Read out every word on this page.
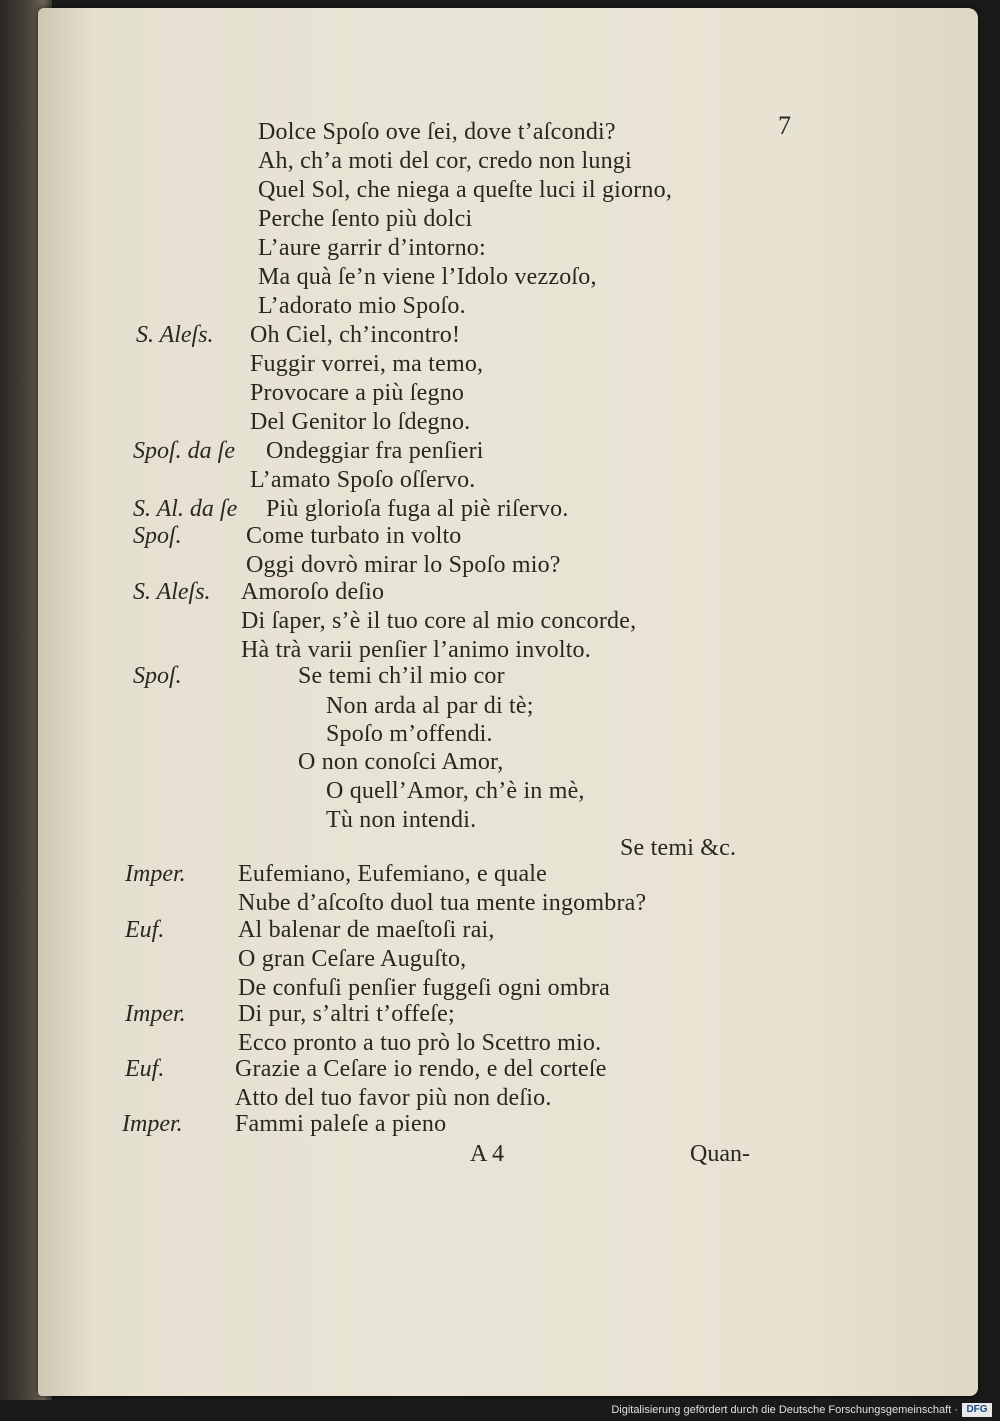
7
Dolce Spoſo ove ſei, dove t’aſcondi?
Ah, ch’a moti del cor, credo non lungi
Quel Sol, che niega a queſte luci il giorno,
Perche ſento più dolci
L’aure garrir d’intorno:
Ma quà ſe’n viene l’Idolo vezzoſo,
L’adorato mio Spoſo.
S. Aleſs. Oh Ciel, ch’incontro!
Fuggir vorrei, ma temo,
Provocare a più ſegno
Del Genitor lo ſdegno.
Spoſ. da ſe Ondeggiar fra penſieri
L’amato Spoſo oſſervo.
S. Al. da ſe Più glorioſa fuga al piè riſervo.
Spoſ.	Come turbato in volto
Oggi dovrò mirar lo Spoſo mio?
S. Aleſs. Amoroſo deſio
Di ſaper, s’è il tuo core al mio concorde,
Hà trà varii penſier l’animo involto.
Spoſ.	Se temi ch’il mio cor
Non arda al par di tè;
Spoſo m’offendi.
O non conoſci Amor,
O quell’Amor, ch’è in mè,
Tù non intendi.
Se temi &c.
Imper. Eufemiano, Eufemiano, e quale
Nube d’aſcoſto duol tua mente ingombra?
Euf.	Al balenar de maeſtoſi rai,
O gran Ceſare Auguſto,
De confuſi penſier fuggeſi ogni ombra
Imper. Di pur, s’altri t’offeſe;
Ecco pronto a tuo prò lo Scettro mio.
Euf.	Grazie a Ceſare io rendo, e del corteſe
Atto del tuo favor più non deſio.
Imper. Fammi paleſe a pieno
A 4	Quan-
Digitalisierung gefördert durch die Deutsche Forschungsgemeinschaft · DFG
